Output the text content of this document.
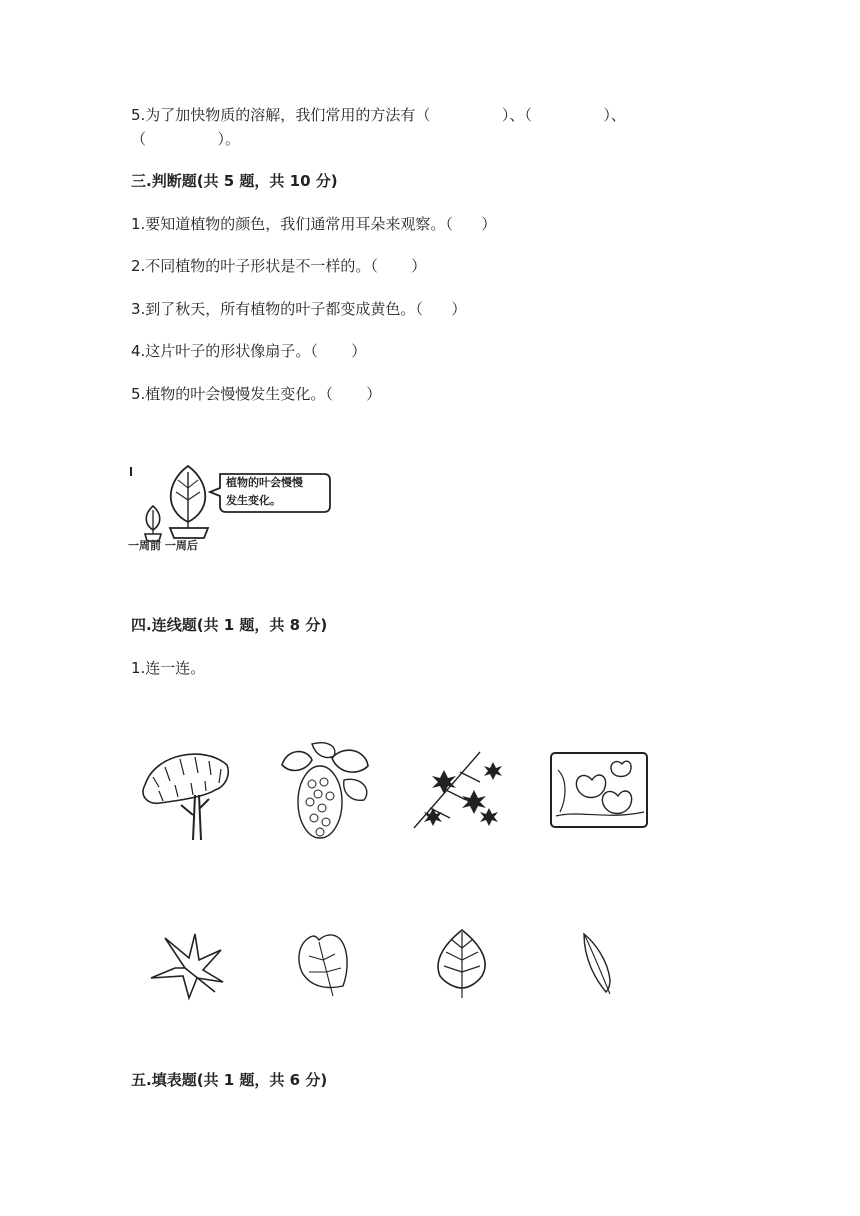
5.为了加快物质的溶解，我们常用的方法有（               ）、（               ）、
（               ）。
三.判断题(共 5 题，共 10 分)
1.要知道植物的颜色，我们通常用耳朵来观察。（      ）
2.不同植物的叶子形状是不一样的。（       ）
3.到了秋天，所有植物的叶子都变成黄色。（      ）
4.这片叶子的形状像扇子。（       ）
5.植物的叶会慢慢发生变化。（       ）
植物的叶会慢慢
发生变化。
一周前 一周后
四.连线题(共 1 题，共 8 分)
1.连一连。
五.填表题(共 1 题，共 6 分)
